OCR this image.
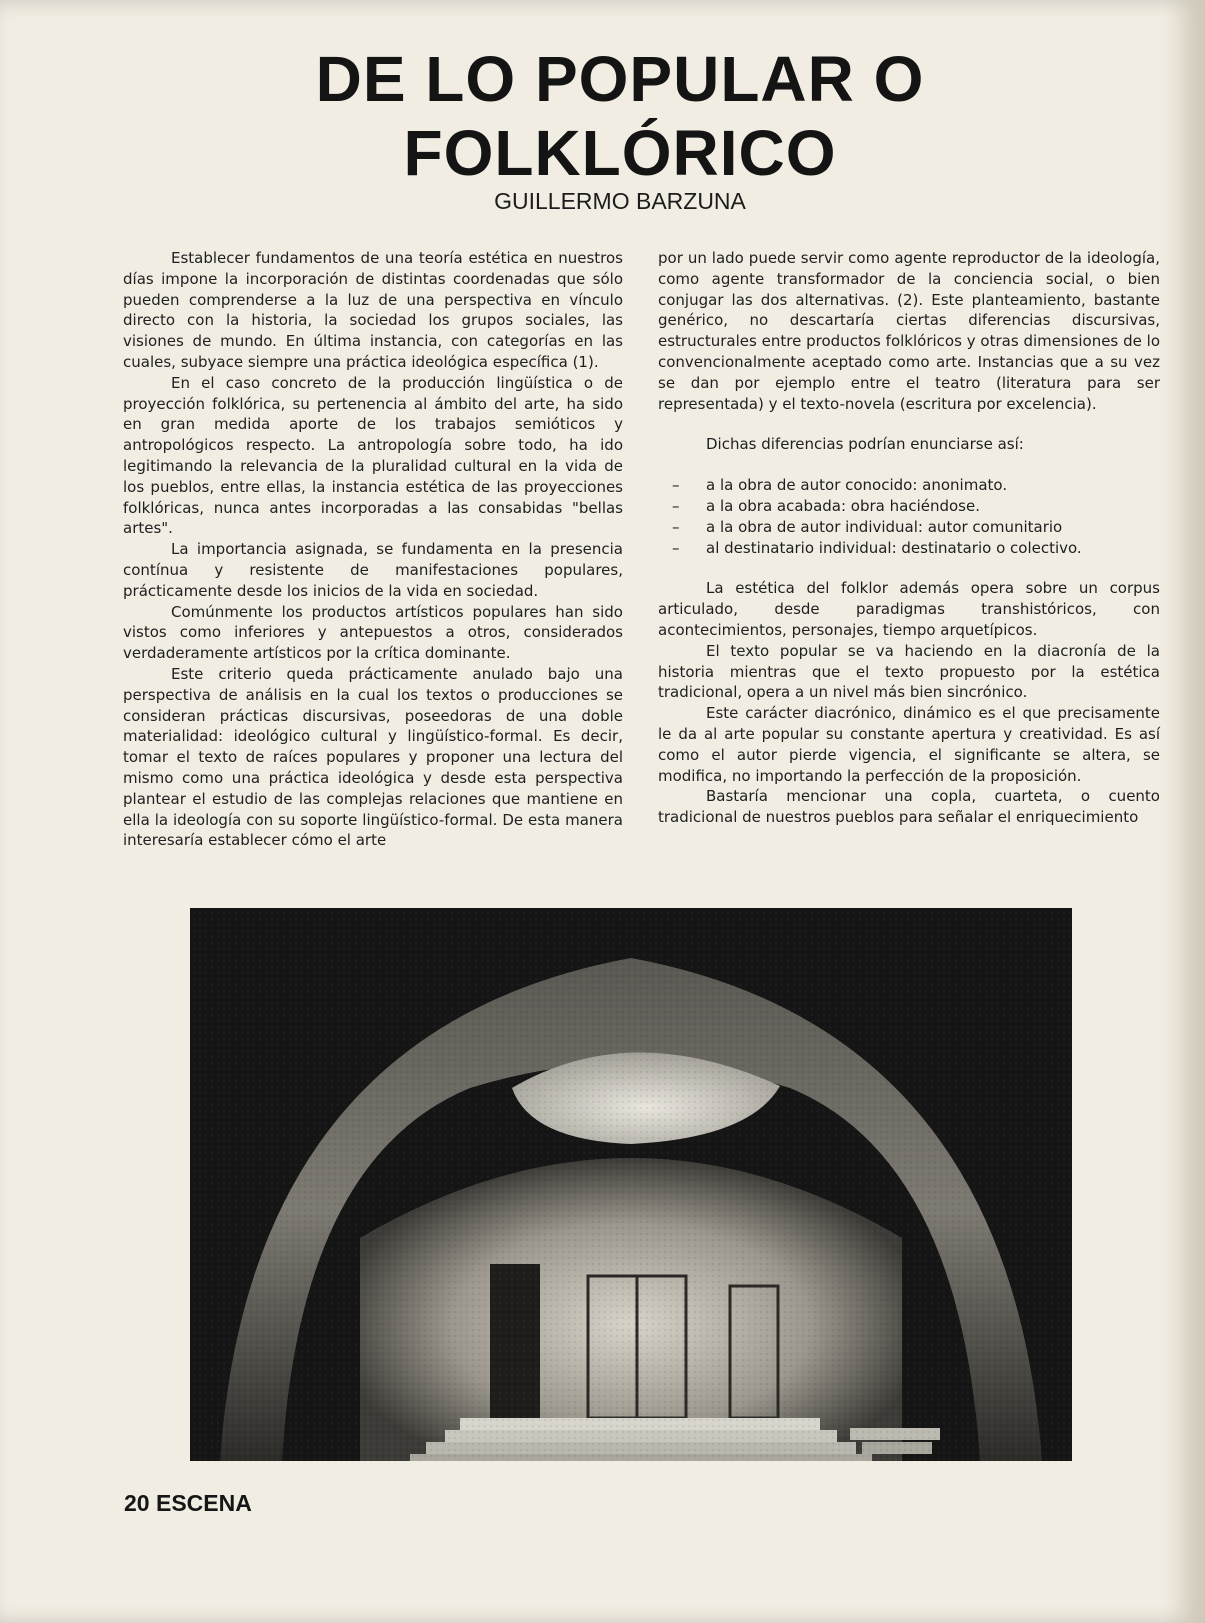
DE LO POPULAR O
FOLKLÓRICO

GUILLERMO BARZUNA

Establecer fundamentos de una teoría estética en nuestros días impone la incorporación de distintas coordenadas que sólo pueden comprenderse a la luz de una perspectiva en vínculo directo con la historia, la sociedad los grupos sociales, las visiones de mundo. En última instancia, con categorías en las cuales, subyace siempre una práctica ideológica específica (1).

En el caso concreto de la producción lingüística o de proyección folklórica, su pertenencia al ámbito del arte, ha sido en gran medida aporte de los trabajos semióticos y antropológicos respecto. La antropología sobre todo, ha ido legitimando la relevancia de la pluralidad cultural en la vida de los pueblos, entre ellas, la instancia estética de las proyecciones folklóricas, nunca antes incorporadas a las consabidas "bellas artes".

La importancia asignada, se fundamenta en la presencia contínua y resistente de manifestaciones populares, prácticamente desde los inicios de la vida en sociedad.

Comúnmente los productos artísticos populares han sido vistos como inferiores y antepuestos a otros, considerados verdaderamente artísticos por la crítica dominante.

Este criterio queda prácticamente anulado bajo una perspectiva de análisis en la cual los textos o producciones se consideran prácticas discursivas, poseedoras de una doble materialidad: ideológico cultural y lingüístico-formal. Es decir, tomar el texto de raíces populares y proponer una lectura del mismo como una práctica ideológica y desde esta perspectiva plantear el estudio de las complejas relaciones que mantiene en ella la ideología con su soporte lingüístico-formal. De esta manera interesaría establecer cómo el arte

por un lado puede servir como agente reproductor de la ideología, como agente transformador de la conciencia social, o bien conjugar las dos alternativas. (2). Este planteamiento, bastante genérico, no descartaría ciertas diferencias discursivas, estructurales entre productos folklóricos y otras dimensiones de lo convencionalmente aceptado como arte. Instancias que a su vez se dan por ejemplo entre el teatro (literatura para ser representada) y el texto-novela (escritura por excelencia).

Dichas diferencias podrían enunciarse así:

– a la obra de autor conocido: anonimato.
– a la obra acabada: obra haciéndose.
– a la obra de autor individual: autor comunitario
– al destinatario individual: destinatario o colectivo.

La estética del folklor además opera sobre un corpus articulado, desde paradigmas transhistóricos, con acontecimientos, personajes, tiempo arquetípicos.

El texto popular se va haciendo en la diacronía de la historia mientras que el texto propuesto por la estética tradicional, opera a un nivel más bien sincrónico.

Este carácter diacrónico, dinámico es el que precisamente le da al arte popular su constante apertura y creatividad. Es así como el autor pierde vigencia, el significante se altera, se modifica, no importando la perfección de la proposición.

Bastaría mencionar una copla, cuarteta, o cuento tradicional de nuestros pueblos para señalar el enriquecimiento

20 ESCENA
